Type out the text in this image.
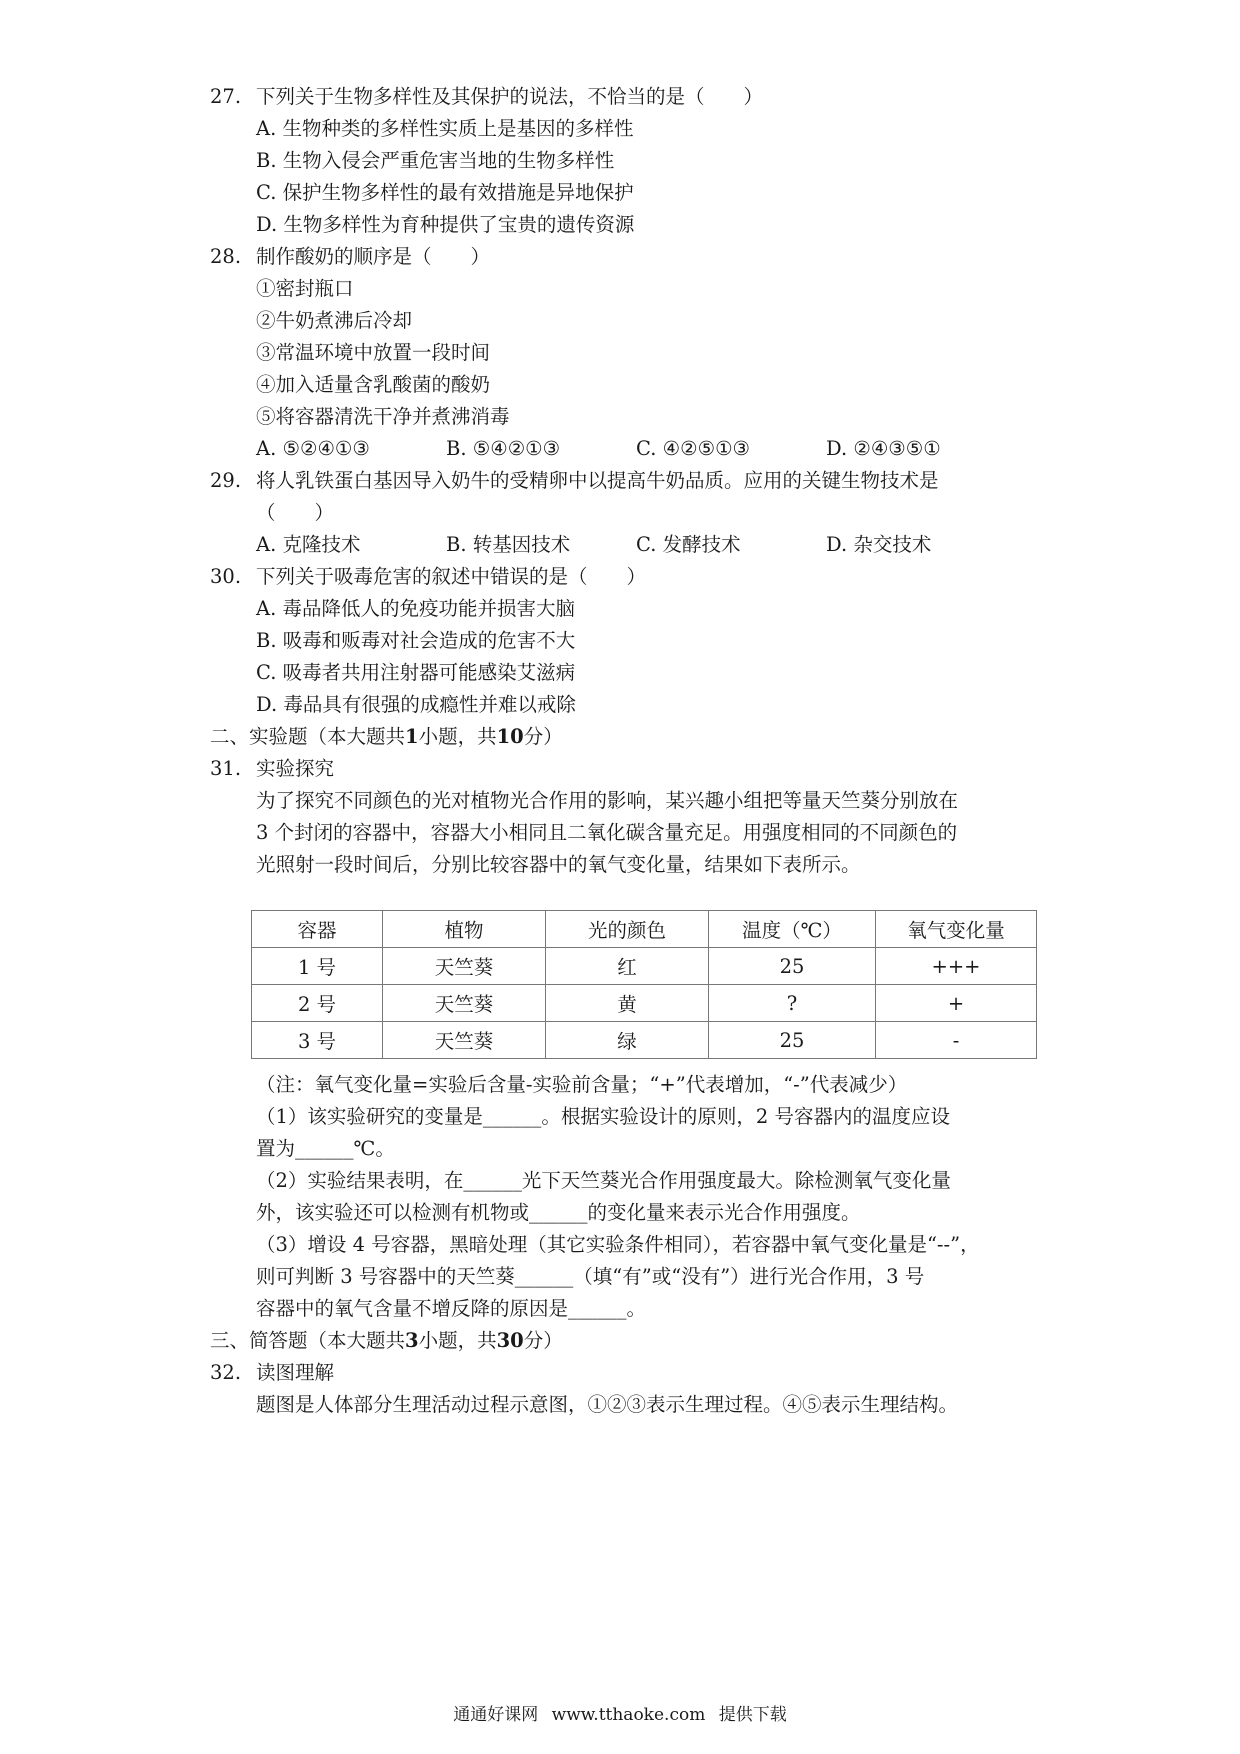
27. 下列关于生物多样性及其保护的说法，不恰当的是（　　）
A. 生物种类的多样性实质上是基因的多样性
B. 生物入侵会严重危害当地的生物多样性
C. 保护生物多样性的最有效措施是异地保护
D. 生物多样性为育种提供了宝贵的遗传资源
28. 制作酸奶的顺序是（　　）
①密封瓶口
②牛奶煮沸后冷却
③常温环境中放置一段时间
④加入适量含乳酸菌的酸奶
⑤将容器清洗干净并煮沸消毒
A. ⑤②④①③	B. ⑤④②①③	C. ④②⑤①③	D. ②④③⑤①
29. 将人乳铁蛋白基因导入奶牛的受精卵中以提高牛奶品质。应用的关键生物技术是
（　　）
A. 克隆技术	B. 转基因技术	C. 发酵技术	D. 杂交技术
30. 下列关于吸毒危害的叙述中错误的是（　　）
A. 毒品降低人的免疫功能并损害大脑
B. 吸毒和贩毒对社会造成的危害不大
C. 吸毒者共用注射器可能感染艾滋病
D. 毒品具有很强的成瘾性并难以戒除
二、实验题（本大题共1小题，共10分）
31. 实验探究
为了探究不同颜色的光对植物光合作用的影响，某兴趣小组把等量天竺葵分别放在
3 个封闭的容器中，容器大小相同且二氧化碳含量充足。用强度相同的不同颜色的
光照射一段时间后，分别比较容器中的氧气变化量，结果如下表所示。
容器	植物	光的颜色	温度（℃）	氧气变化量
1 号	天竺葵	红	25	+++
2 号	天竺葵	黄	?	+
3 号	天竺葵	绿	25	-
（注：氧气变化量=实验后含量-实验前含量；“+”代表增加，“-”代表减少）
（1）该实验研究的变量是______。根据实验设计的原则，2 号容器内的温度应设
置为______℃。
（2）实验结果表明，在______光下天竺葵光合作用强度最大。除检测氧气变化量
外，该实验还可以检测有机物或______的变化量来表示光合作用强度。
（3）增设 4 号容器，黑暗处理（其它实验条件相同），若容器中氧气变化量是“--”，
则可判断 3 号容器中的天竺葵______（填“有”或“没有”）进行光合作用，3 号
容器中的氧气含量不增反降的原因是______。
三、简答题（本大题共3小题，共30分）
32. 读图理解
题图是人体部分生理活动过程示意图，①②③表示生理过程。④⑤表示生理结构。
通通好课网 www.tthaoke.com 提供下载
